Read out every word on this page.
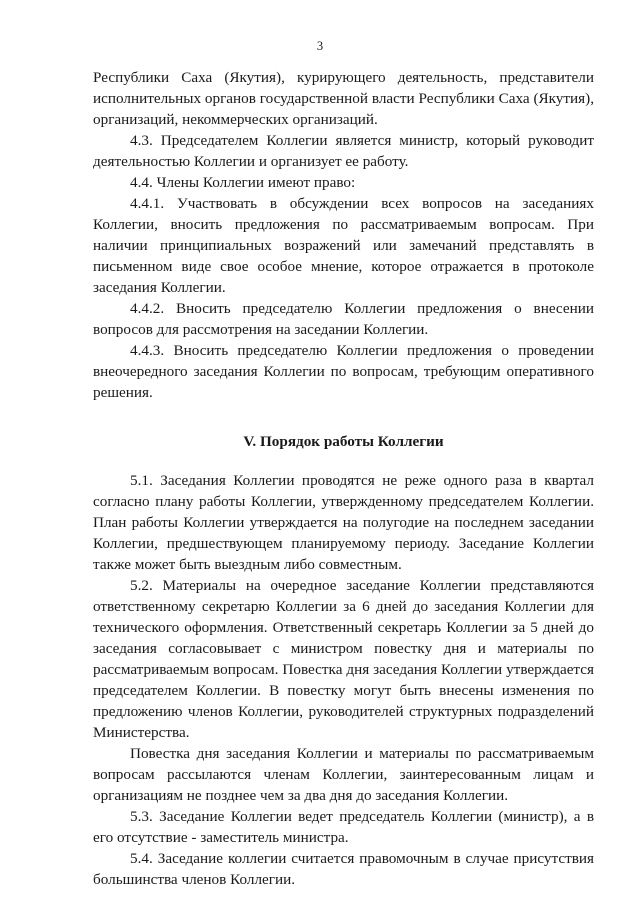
3

Республики Саха (Якутия), курирующего деятельность, представители исполнительных органов государственной власти Республики Саха (Якутия), организаций, некоммерческих организаций.

4.3. Председателем Коллегии является министр, который руководит деятельностью Коллегии и организует ее работу.

4.4. Члены Коллегии имеют право:

4.4.1. Участвовать в обсуждении всех вопросов на заседаниях Коллегии, вносить предложения по рассматриваемым вопросам. При наличии принципиальных возражений или замечаний представлять в письменном виде свое особое мнение, которое отражается в протоколе заседания Коллегии.

4.4.2. Вносить председателю Коллегии предложения о внесении вопросов для рассмотрения на заседании Коллегии.

4.4.3. Вносить председателю Коллегии предложения о проведении внеочередного заседания Коллегии по вопросам, требующим оперативного решения.

V. Порядок работы Коллегии

5.1. Заседания Коллегии проводятся не реже одного раза в квартал согласно плану работы Коллегии, утвержденному председателем Коллегии. План работы Коллегии утверждается на полугодие на последнем заседании Коллегии, предшествующем планируемому периоду. Заседание Коллегии также может быть выездным либо совместным.

5.2. Материалы на очередное заседание Коллегии представляются ответственному секретарю Коллегии за 6 дней до заседания Коллегии для технического оформления. Ответственный секретарь Коллегии за 5 дней до заседания согласовывает с министром повестку дня и материалы по рассматриваемым вопросам. Повестка дня заседания Коллегии утверждается председателем Коллегии. В повестку могут быть внесены изменения по предложению членов Коллегии, руководителей структурных подразделений Министерства.

Повестка дня заседания Коллегии и материалы по рассматриваемым вопросам рассылаются членам Коллегии, заинтересованным лицам и организациям не позднее чем за два дня до заседания Коллегии.

5.3. Заседание Коллегии ведет председатель Коллегии (министр), а в его отсутствие - заместитель министра.

5.4. Заседание коллегии считается правомочным в случае присутствия большинства членов Коллегии.
